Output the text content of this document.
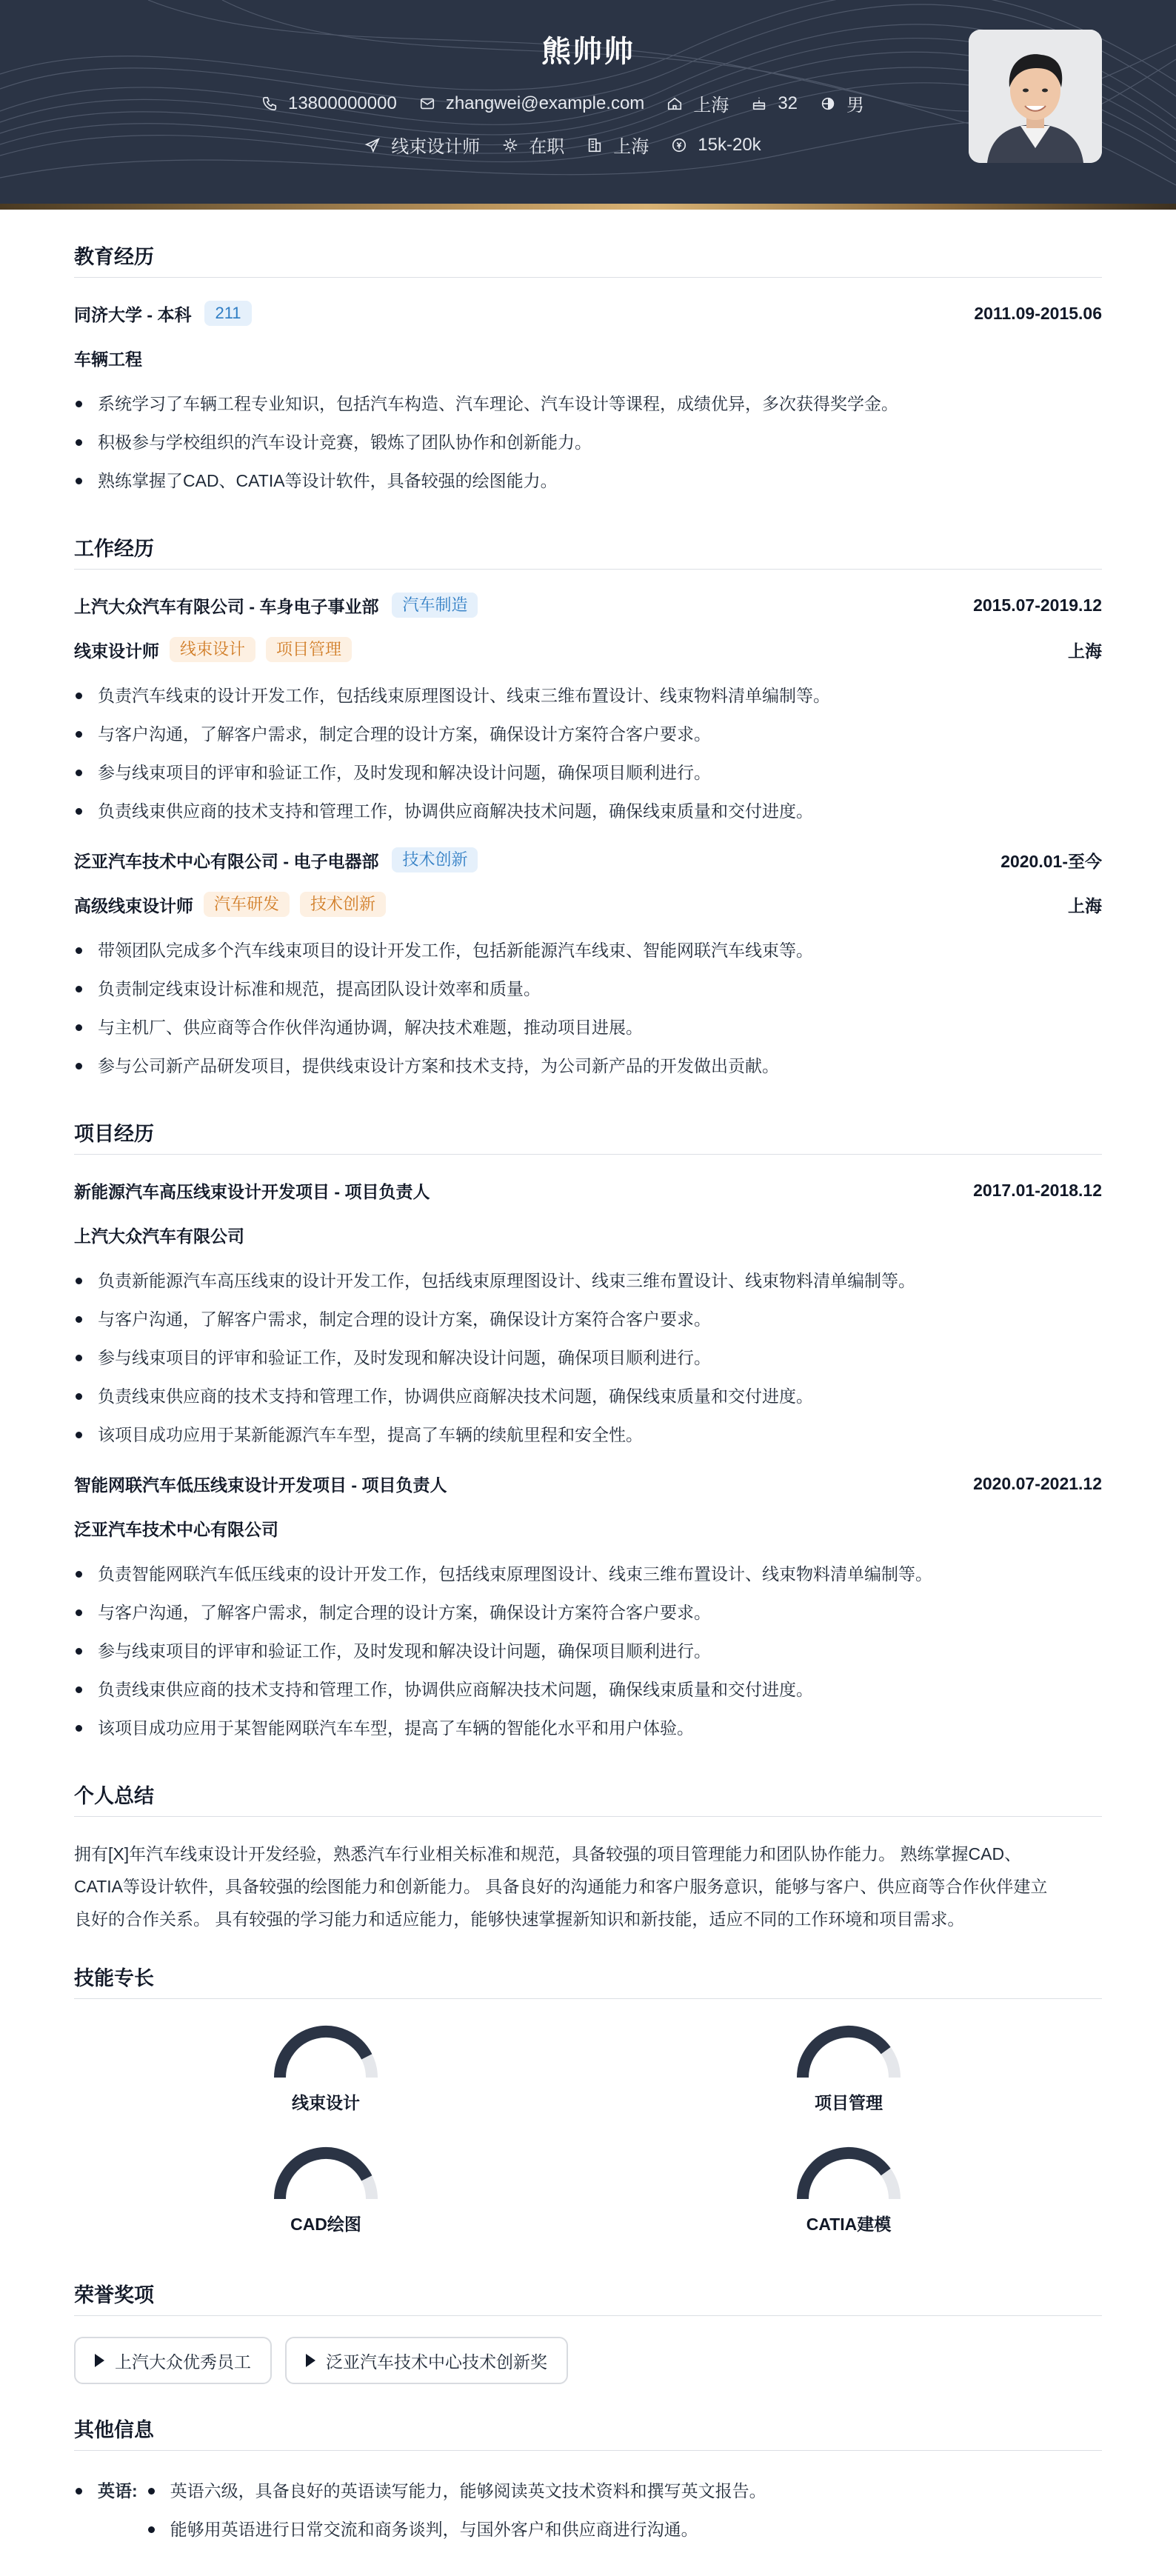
熊帅帅
13800000000	zhangwei@example.com	上海	32	男
线束设计师	在职	上海	15k-20k
教育经历
同济大学 - 本科	211	2011.09-2015.06
车辆工程
系统学习了车辆工程专业知识，包括汽车构造、汽车理论、汽车设计等课程，成绩优异，多次获得奖学金。
积极参与学校组织的汽车设计竞赛，锻炼了团队协作和创新能力。
熟练掌握了CAD、CATIA等设计软件，具备较强的绘图能力。
工作经历
上汽大众汽车有限公司 - 车身电子事业部	汽车制造	2015.07-2019.12
线束设计师	线束设计	项目管理	上海
负责汽车线束的设计开发工作，包括线束原理图设计、线束三维布置设计、线束物料清单编制等。
与客户沟通，了解客户需求，制定合理的设计方案，确保设计方案符合客户要求。
参与线束项目的评审和验证工作，及时发现和解决设计问题，确保项目顺利进行。
负责线束供应商的技术支持和管理工作，协调供应商解决技术问题，确保线束质量和交付进度。
泛亚汽车技术中心有限公司 - 电子电器部	技术创新	2020.01-至今
高级线束设计师	汽车研发	技术创新	上海
带领团队完成多个汽车线束项目的设计开发工作，包括新能源汽车线束、智能网联汽车线束等。
负责制定线束设计标准和规范，提高团队设计效率和质量。
与主机厂、供应商等合作伙伴沟通协调，解决技术难题，推动项目进展。
参与公司新产品研发项目，提供线束设计方案和技术支持，为公司新产品的开发做出贡献。
项目经历
新能源汽车高压线束设计开发项目 - 项目负责人	2017.01-2018.12
上汽大众汽车有限公司
负责新能源汽车高压线束的设计开发工作，包括线束原理图设计、线束三维布置设计、线束物料清单编制等。
与客户沟通，了解客户需求，制定合理的设计方案，确保设计方案符合客户要求。
参与线束项目的评审和验证工作，及时发现和解决设计问题，确保项目顺利进行。
负责线束供应商的技术支持和管理工作，协调供应商解决技术问题，确保线束质量和交付进度。
该项目成功应用于某新能源汽车车型，提高了车辆的续航里程和安全性。
智能网联汽车低压线束设计开发项目 - 项目负责人	2020.07-2021.12
泛亚汽车技术中心有限公司
负责智能网联汽车低压线束的设计开发工作，包括线束原理图设计、线束三维布置设计、线束物料清单编制等。
与客户沟通，了解客户需求，制定合理的设计方案，确保设计方案符合客户要求。
参与线束项目的评审和验证工作，及时发现和解决设计问题，确保项目顺利进行。
负责线束供应商的技术支持和管理工作，协调供应商解决技术问题，确保线束质量和交付进度。
该项目成功应用于某智能网联汽车车型，提高了车辆的智能化水平和用户体验。
个人总结
拥有[X]年汽车线束设计开发经验，熟悉汽车行业相关标准和规范，具备较强的项目管理能力和团队协作能力。 熟练掌握CAD、
CATIA等设计软件，具备较强的绘图能力和创新能力。 具备良好的沟通能力和客户服务意识，能够与客户、供应商等合作伙伴建立
良好的合作关系。 具有较强的学习能力和适应能力，能够快速掌握新知识和新技能，适应不同的工作环境和项目需求。
技能专长
线束设计	项目管理
CAD绘图	CATIA建模
荣誉奖项
上汽大众优秀员工	泛亚汽车技术中心技术创新奖
其他信息
英语:	英语六级，具备良好的英语读写能力，能够阅读英文技术资料和撰写英文报告。
能够用英语进行日常交流和商务谈判，与国外客户和供应商进行沟通。
